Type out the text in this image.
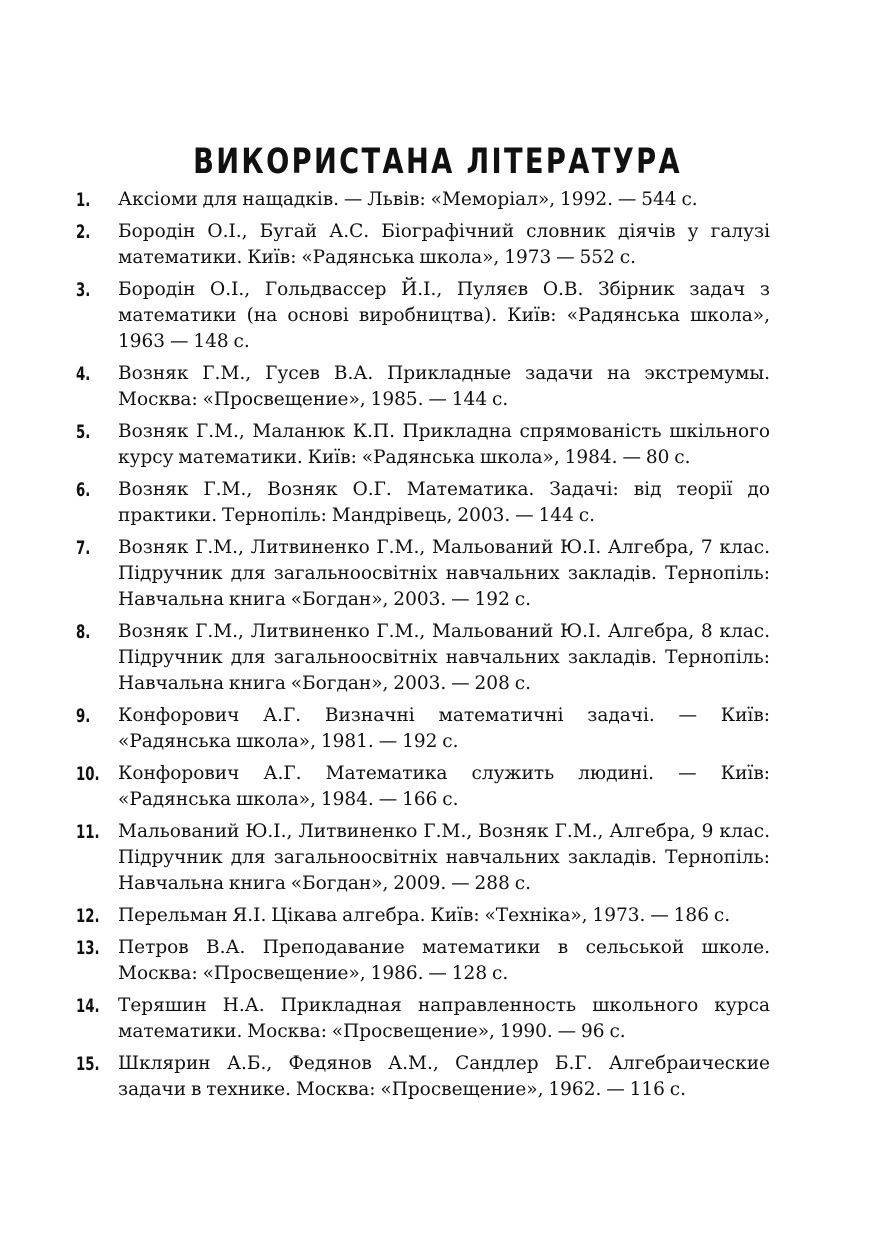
ВИКОРИСТАНА ЛІТЕРАТУРА
1. Аксіоми для нащадків. — Львів: «Меморіал», 1992. — 544 с.
2. Бородін О.І., Бугай А.С. Біографічний словник діячів у галузі математики. Київ: «Радянська школа», 1973 — 552 с.
3. Бородін О.І., Гольдвассер Й.І., Пуляєв О.В. Збірник задач з математики (на основі виробництва). Київ: «Радянська школа», 1963 — 148 с.
4. Возняк Г.М., Гусев В.А. Прикладные задачи на экстремумы. Москва: «Просвещение», 1985. — 144 с.
5. Возняк Г.М., Маланюк К.П. Прикладна спрямованість шкільного курсу математики. Київ: «Радянська школа», 1984. — 80 с.
6. Возняк Г.М., Возняк О.Г. Математика. Задачі: від теорії до практики. Тернопіль: Мандрівець, 2003. — 144 с.
7. Возняк Г.М., Литвиненко Г.М., Мальований Ю.І. Алгебра, 7 клас. Підручник для загальноосвітніх навчальних закладів. Тернопіль: Навчальна книга «Богдан», 2003. — 192 с.
8. Возняк Г.М., Литвиненко Г.М., Мальований Ю.І. Алгебра, 8 клас. Підручник для загальноосвітніх навчальних закладів. Тернопіль: Навчальна книга «Богдан», 2003. — 208 с.
9. Конфорович А.Г. Визначні математичні задачі. — Київ: «Радянська школа», 1981. — 192 с.
10. Конфорович А.Г. Математика служить людині. — Київ: «Радянська школа», 1984. — 166 с.
11. Мальований Ю.І., Литвиненко Г.М., Возняк Г.М., Алгебра, 9 клас. Підручник для загальноосвітніх навчальних закладів. Тернопіль: Навчальна книга «Богдан», 2009. — 288 с.
12. Перельман Я.І. Цікава алгебра. Київ: «Техніка», 1973. — 186 с.
13. Петров В.А. Преподавание математики в сельськой школе. Москва: «Просвещение», 1986. — 128 с.
14. Теряшин Н.А. Прикладная направленность школьного курса математики. Москва: «Просвещение», 1990. — 96 с.
15. Шклярин А.Б., Федянов А.М., Сандлер Б.Г. Алгебраические задачи в технике. Москва: «Просвещение», 1962. — 116 с.
